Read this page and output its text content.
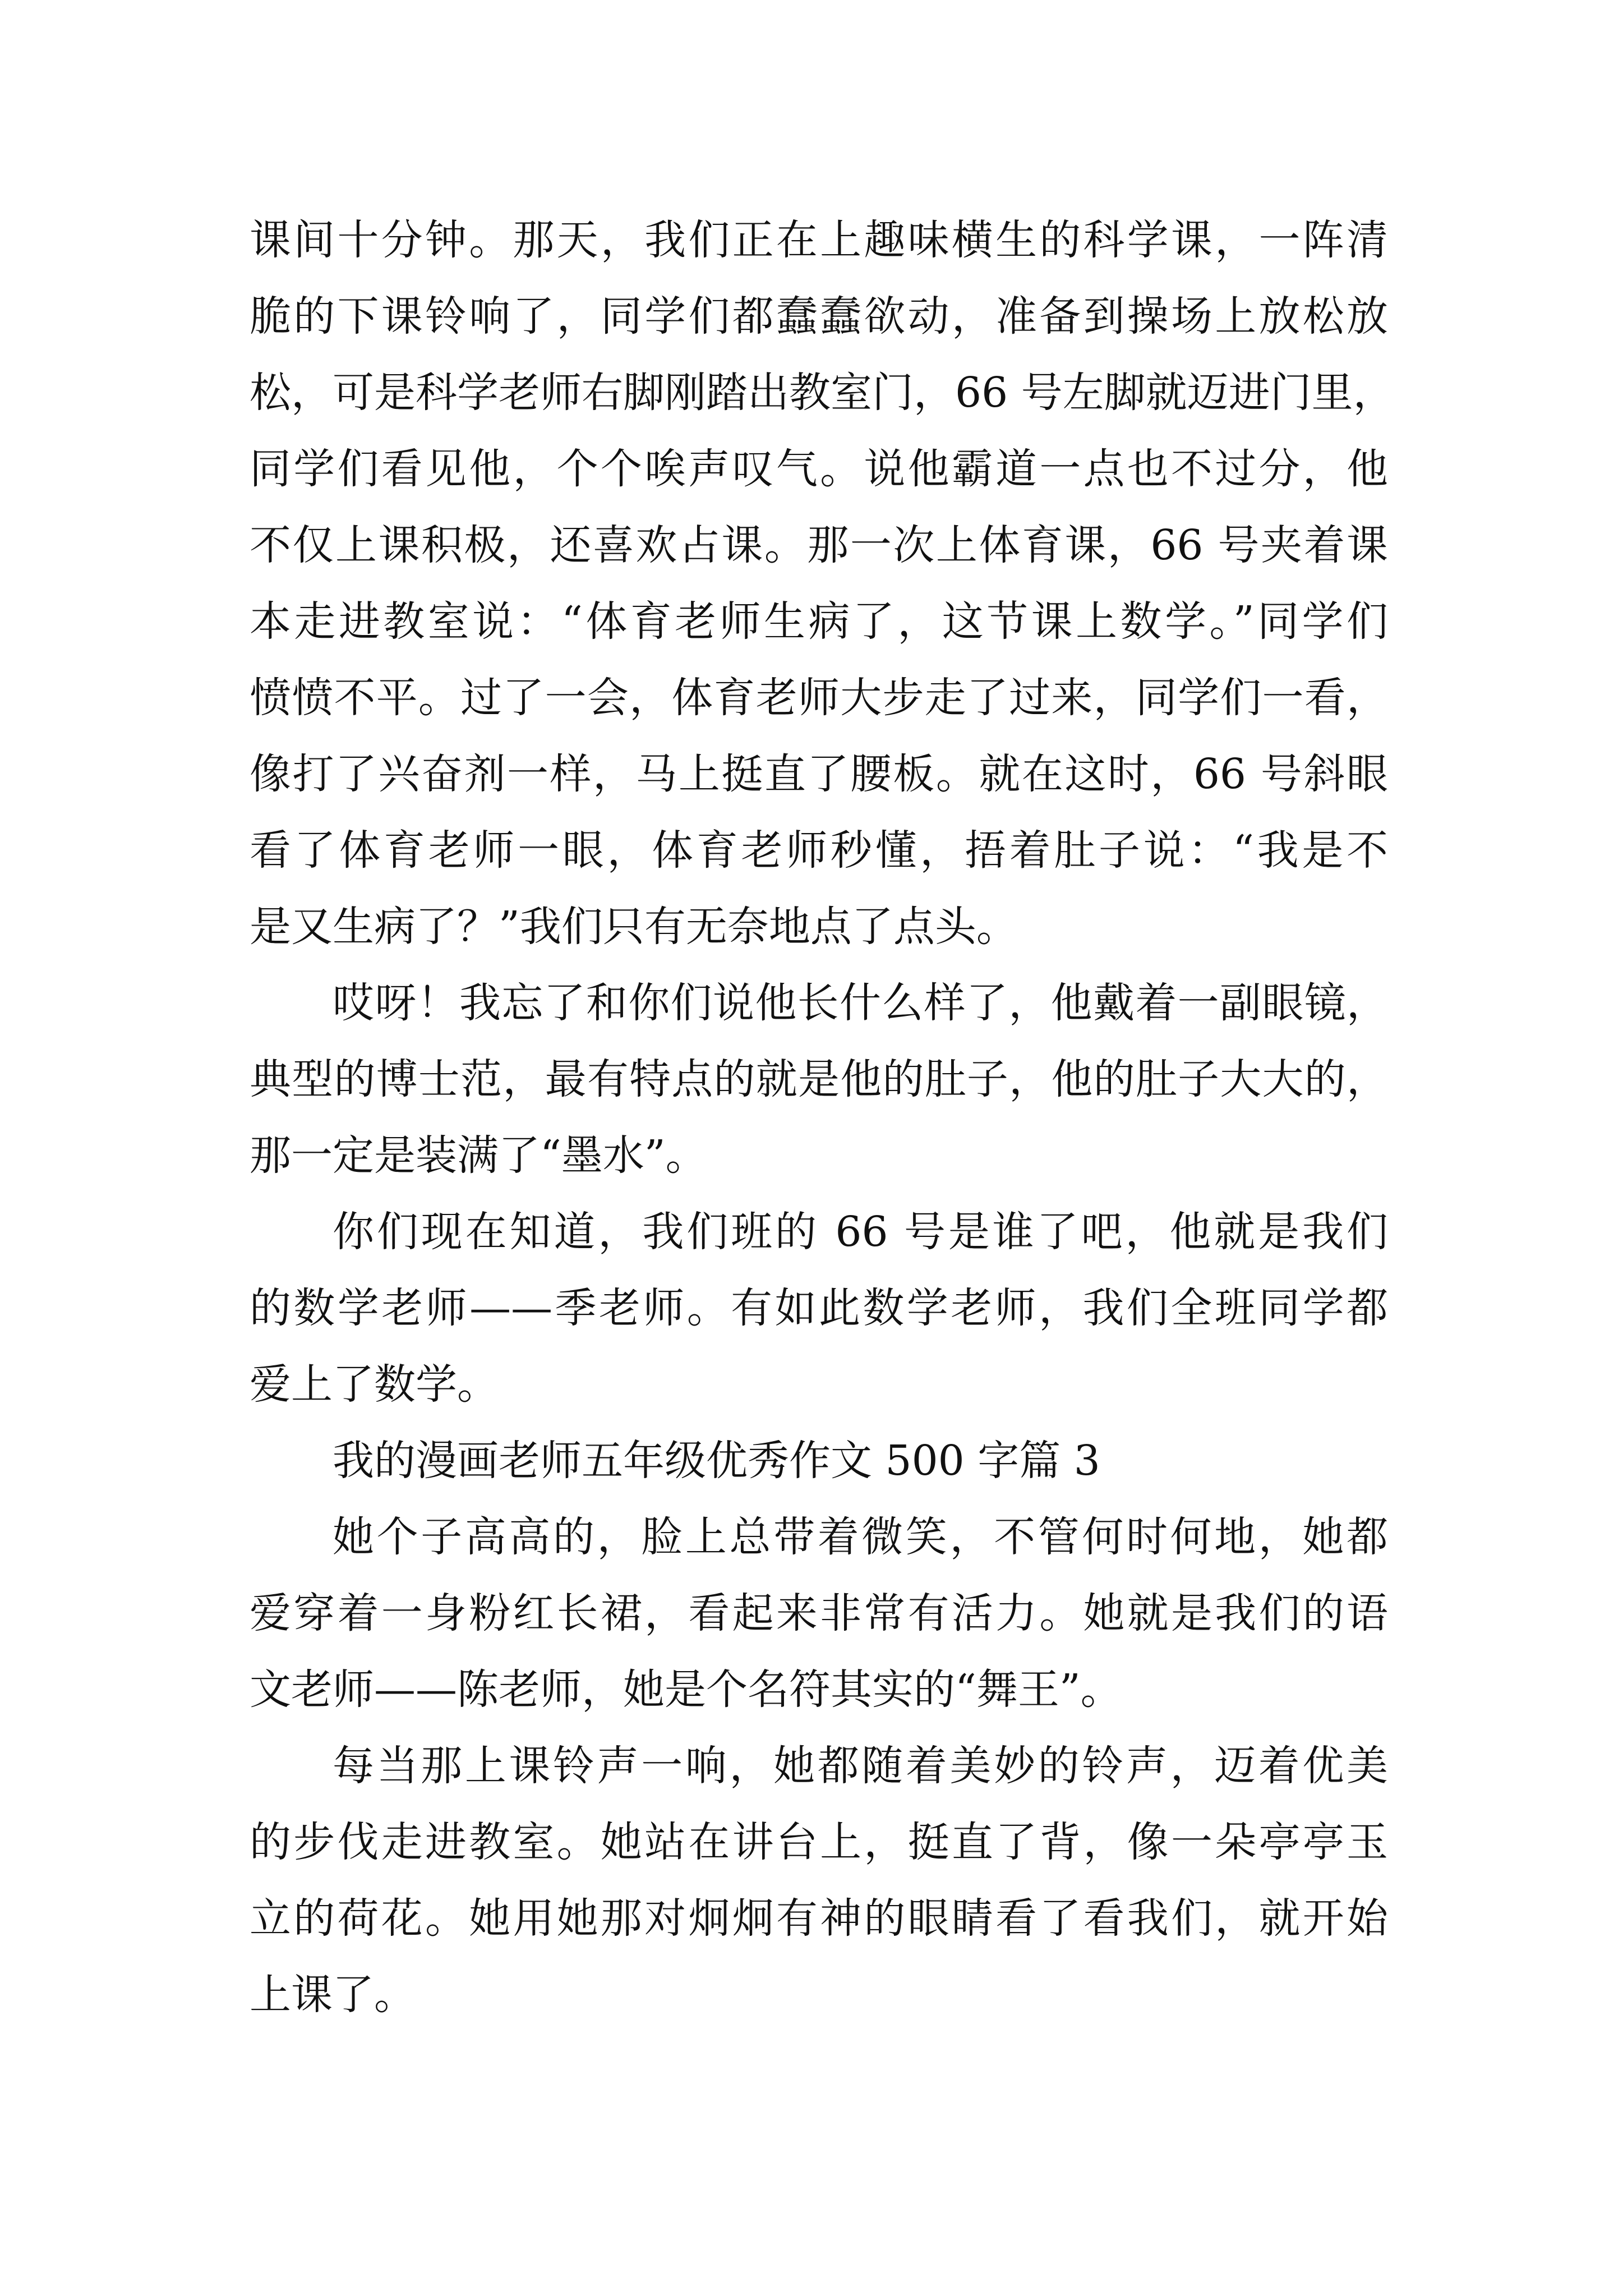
课间十分钟。那天，我们正在上趣味横生的科学课，一阵清
脆的下课铃响了，同学们都蠢蠢欲动，准备到操场上放松放
松，可是科学老师右脚刚踏出教室门，66 号左脚就迈进门里，
同学们看见他，个个唉声叹气。说他霸道一点也不过分，他
不仅上课积极，还喜欢占课。那一次上体育课，66 号夹着课
本走进教室说：“体育老师生病了，这节课上数学。”同学们
愤愤不平。过了一会，体育老师大步走了过来，同学们一看，
像打了兴奋剂一样，马上挺直了腰板。就在这时，66 号斜眼
看了体育老师一眼，体育老师秒懂，捂着肚子说：“我是不
是又生病了？”我们只有无奈地点了点头。
哎呀！我忘了和你们说他长什么样了，他戴着一副眼镜，
典型的博士范，最有特点的就是他的肚子，他的肚子大大的，
那一定是装满了“墨水”。
你们现在知道，我们班的 66 号是谁了吧，他就是我们
的数学老师——季老师。有如此数学老师，我们全班同学都
爱上了数学。
我的漫画老师五年级优秀作文 500 字篇 3
她个子高高的，脸上总带着微笑，不管何时何地，她都
爱穿着一身粉红长裙，看起来非常有活力。她就是我们的语
文老师——陈老师，她是个名符其实的“舞王”。
每当那上课铃声一响，她都随着美妙的铃声，迈着优美
的步伐走进教室。她站在讲台上，挺直了背，像一朵亭亭玉
立的荷花。她用她那对炯炯有神的眼睛看了看我们，就开始
上课了。
